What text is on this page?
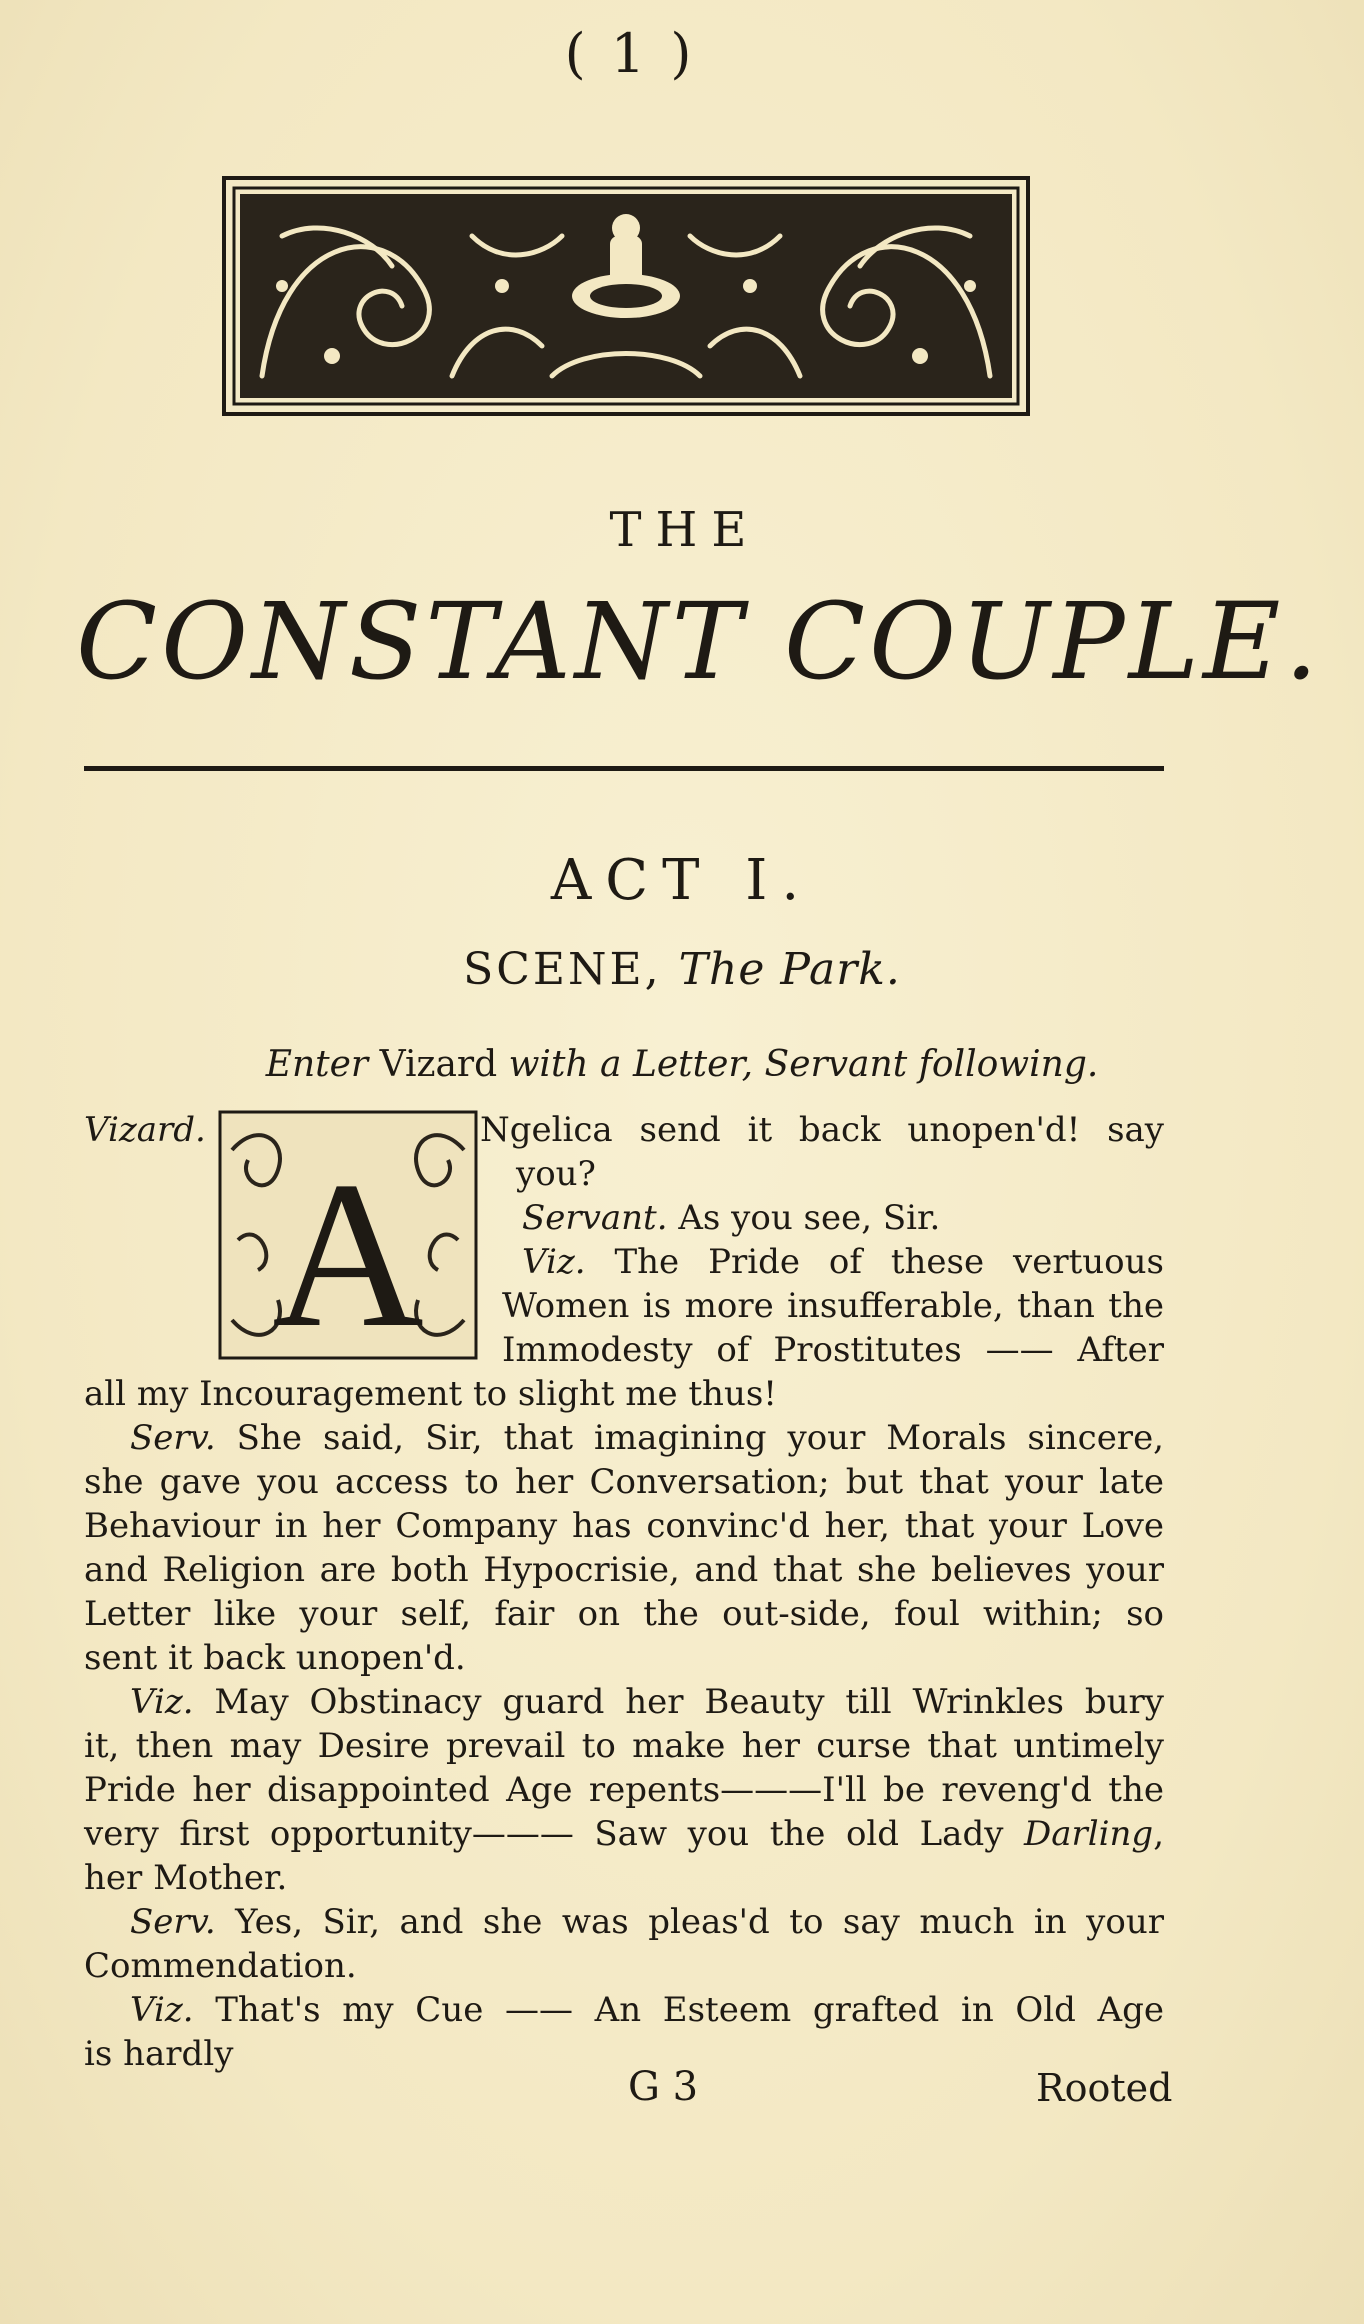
( 1 )
THE
CONSTANT COUPLE.
ACT I.
SCENE, The Park.
Enter Vizard with a Letter, Servant following.
A
G 3	Rooted
Vizard.	Ngelica send it back unopen'd! say
you?
Servant. As you see, Sir.
Viz. The Pride of these vertuous
Women is more insufferable, than the
Immodesty of Prostitutes —— After
all my Incouragement to slight me thus!
Serv. She said, Sir, that imagining your Morals sincere,
she gave you access to her Conversation; but that your late
Behaviour in her Company has convinc'd her, that your Love
and Religion are both Hypocrisie, and that she believes your
Letter like your self, fair on the out-side, foul within; so
sent it back unopen'd.
Viz. May Obstinacy guard her Beauty till Wrinkles bury
it, then may Desire prevail to make her curse that untimely
Pride her disappointed Age repents———I'll be reveng'd the
very first opportunity——— Saw you the old Lady Darling,
her Mother.
Serv. Yes, Sir, and she was pleas'd to say much in your
Commendation.
Viz. That's my Cue —— An Esteem grafted in Old Age
is hardly
